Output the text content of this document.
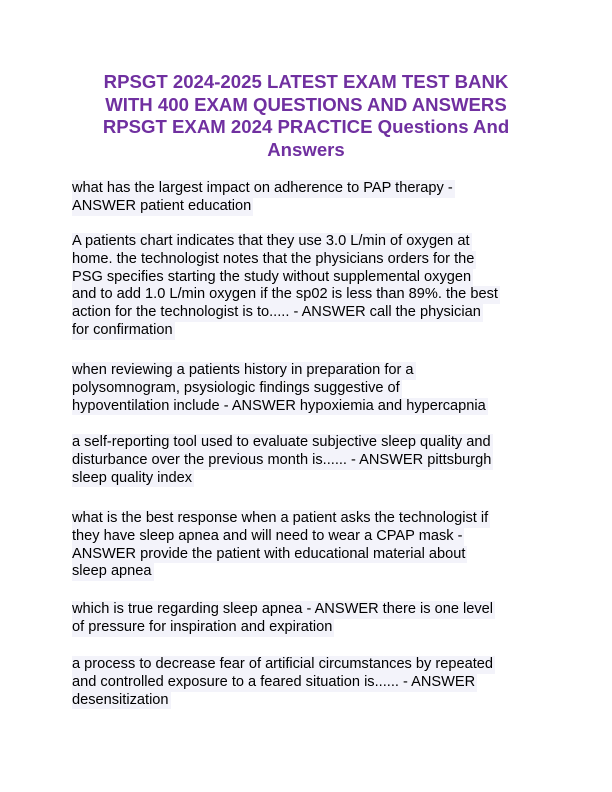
RPSGT 2024-2025 LATEST EXAM TEST BANK
WITH 400 EXAM QUESTIONS AND ANSWERS
RPSGT EXAM 2024 PRACTICE Questions And
Answers

what has the largest impact on adherence to PAP therapy -
ANSWER patient education

A patients chart indicates that they use 3.0 L/min of oxygen at
home. the technologist notes that the physicians orders for the
PSG specifies starting the study without supplemental oxygen
and to add 1.0 L/min oxygen if the sp02 is less than 89%. the best
action for the technologist is to..... - ANSWER call the physician
for confirmation

when reviewing a patients history in preparation for a
polysomnogram, psysiologic findings suggestive of
hypoventilation include - ANSWER hypoxiemia and hypercapnia

a self-reporting tool used to evaluate subjective sleep quality and
disturbance over the previous month is...... - ANSWER pittsburgh
sleep quality index

what is the best response when a patient asks the technologist if
they have sleep apnea and will need to wear a CPAP mask -
ANSWER provide the patient with educational material about
sleep apnea

which is true regarding sleep apnea - ANSWER there is one level
of pressure for inspiration and expiration

a process to decrease fear of artificial circumstances by repeated
and controlled exposure to a feared situation is...... - ANSWER
desensitization
